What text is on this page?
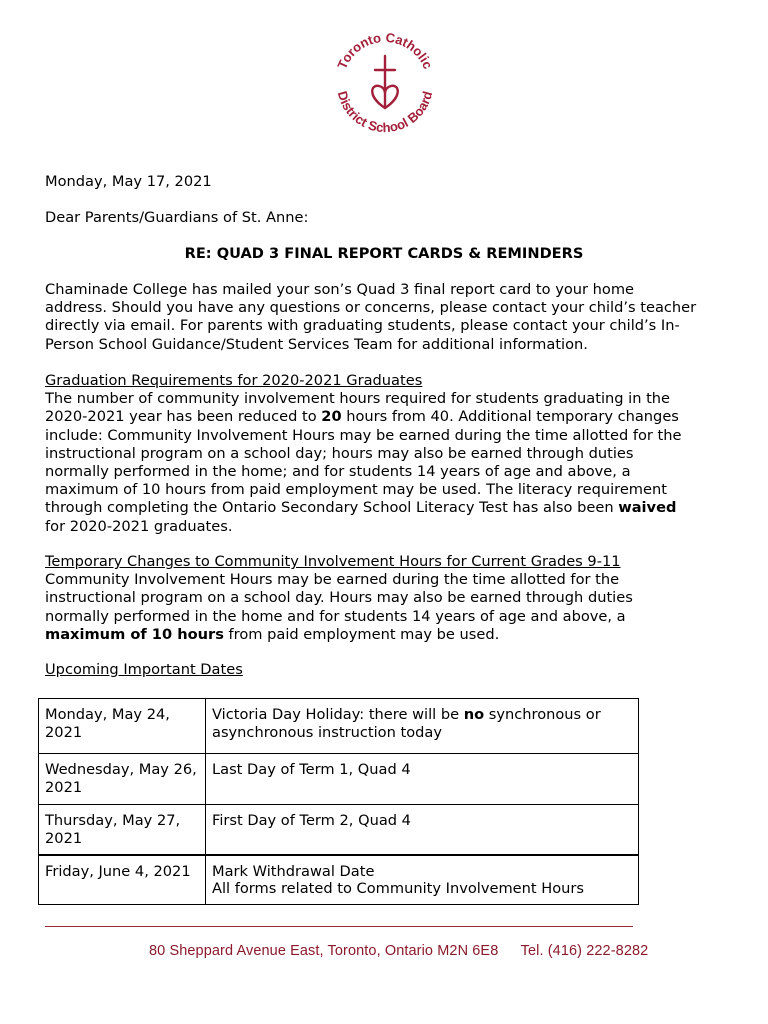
Toronto Catholic
District School Board

Monday, May 17, 2021

Dear Parents/Guardians of St. Anne:

RE: QUAD 3 FINAL REPORT CARDS & REMINDERS
Chaminade College has mailed your son’s Quad 3 final report card to your home
address. Should you have any questions or concerns, please contact your child’s teacher
directly via email. For parents with graduating students, please contact your child’s In-
Person School Guidance/Student Services Team for additional information.
Graduation Requirements for 2020-2021 Graduates
The number of community involvement hours required for students graduating in the
2020-2021 year has been reduced to 20 hours from 40. Additional temporary changes
include: Community Involvement Hours may be earned during the time allotted for the
instructional program on a school day; hours may also be earned through duties
normally performed in the home; and for students 14 years of age and above, a
maximum of 10 hours from paid employment may be used. The literacy requirement
through completing the Ontario Secondary School Literacy Test has also been waived
for 2020-2021 graduates.
Temporary Changes to Community Involvement Hours for Current Grades 9-11
Community Involvement Hours may be earned during the time allotted for the
instructional program on a school day. Hours may also be earned through duties
normally performed in the home and for students 14 years of age and above, a
maximum of 10 hours from paid employment may be used.
Upcoming Important Dates
Monday, May 24, 2021	Victoria Day Holiday: there will be no synchronous or asynchronous instruction today
Wednesday, May 26, 2021	Last Day of Term 1, Quad 4
Thursday, May 27, 2021	First Day of Term 2, Quad 4
Friday, June 4, 2021	Mark Withdrawal Date
All forms related to Community Involvement Hours
80 Sheppard Avenue East, Toronto, Ontario M2N 6E8 Tel. (416) 222-8282
